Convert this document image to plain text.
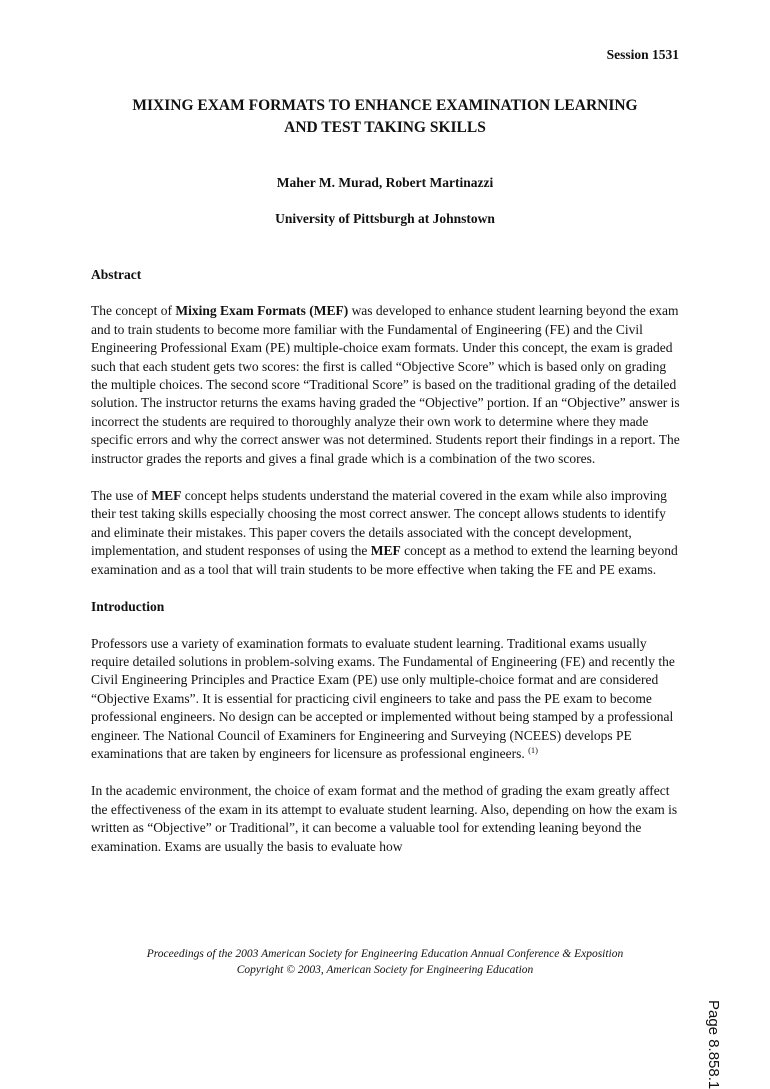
Session 1531
MIXING EXAM FORMATS TO ENHANCE EXAMINATION LEARNING
AND TEST TAKING SKILLS
Maher M. Murad, Robert Martinazzi
University of Pittsburgh at Johnstown
Abstract

The concept of Mixing Exam Formats (MEF) was developed to enhance student learning beyond the exam and to train students to become more familiar with the Fundamental of Engineering (FE) and the Civil Engineering Professional Exam (PE) multiple-choice exam formats. Under this concept, the exam is graded such that each student gets two scores: the first is called “Objective Score” which is based only on grading the multiple choices. The second score “Traditional Score” is based on the traditional grading of the detailed solution. The instructor returns the exams having graded the “Objective” portion. If an “Objective” answer is incorrect the students are required to thoroughly analyze their own work to determine where they made specific errors and why the correct answer was not determined. Students report their findings in a report. The instructor grades the reports and gives a final grade which is a combination of the two scores.

The use of MEF concept helps students understand the material covered in the exam while also improving their test taking skills especially choosing the most correct answer. The concept allows students to identify and eliminate their mistakes. This paper covers the details associated with the concept development, implementation, and student responses of using the MEF concept as a method to extend the learning beyond examination and as a tool that will train students to be more effective when taking the FE and PE exams.

Introduction

Professors use a variety of examination formats to evaluate student learning. Traditional exams usually require detailed solutions in problem-solving exams. The Fundamental of Engineering (FE) and recently the Civil Engineering Principles and Practice Exam (PE) use only multiple-choice format and are considered “Objective Exams”. It is essential for practicing civil engineers to take and pass the PE exam to become professional engineers. No design can be accepted or implemented without being stamped by a professional engineer. The National Council of Examiners for Engineering and Surveying (NCEES) develops PE examinations that are taken by engineers for licensure as professional engineers. $^{(1)}$

In the academic environment, the choice of exam format and the method of grading the exam greatly affect the effectiveness of the exam in its attempt to evaluate student learning. Also, depending on how the exam is written as “Objective” or Traditional”, it can become a valuable tool for extending leaning beyond the examination. Exams are usually the basis to evaluate how

Proceedings of the 2003 American Society for Engineering Education Annual Conference & Exposition
Copyright © 2003, American Society for Engineering Education
Page 8.858.1
